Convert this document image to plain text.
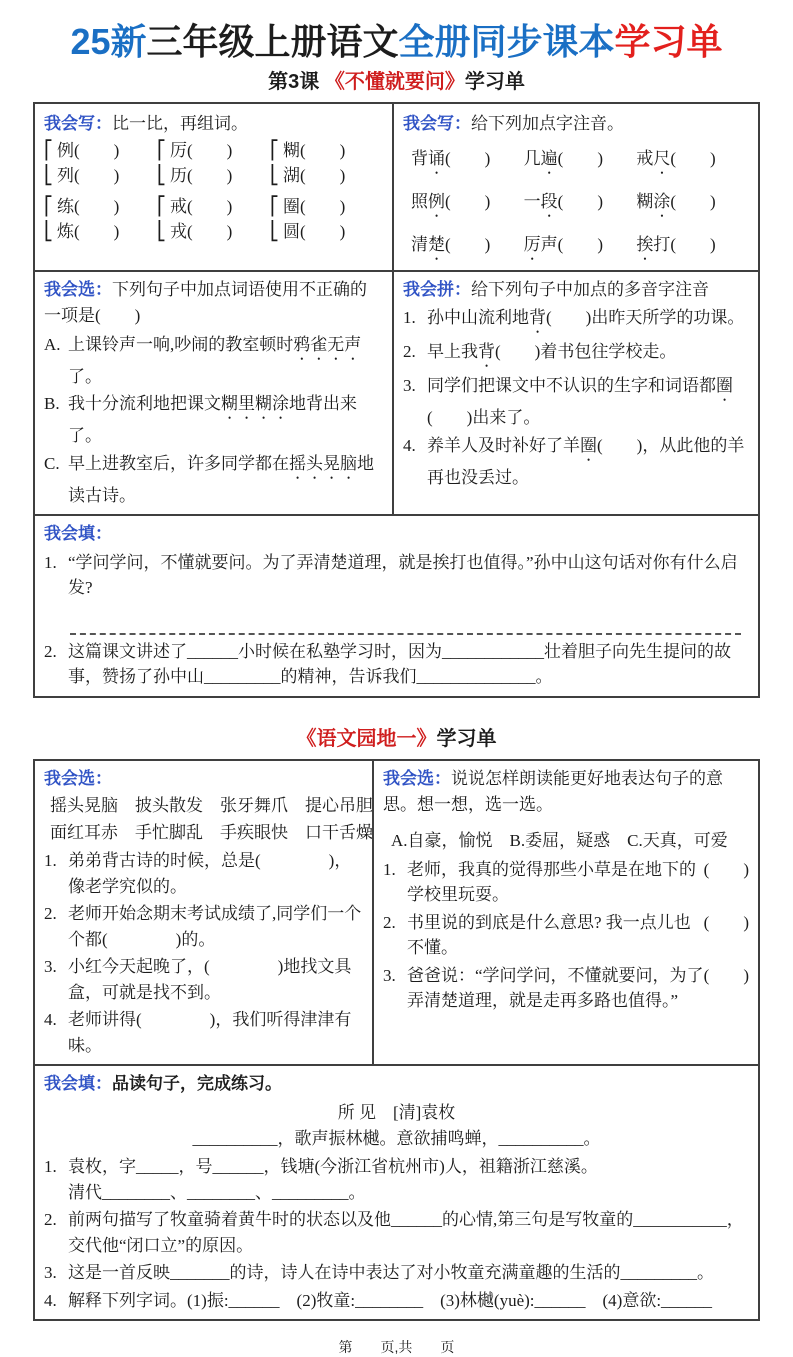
25新三年级上册语文全册同步课本学习单
第3课 《不懂就要问》学习单
我会写：比一比，再组词。
⎡ 例(　　)
⎣ 列(　　)
⎡ 厉(　　)
⎣ 历(　　)
⎡ 糊(　　)
⎣ 湖(　　)
⎡ 练(　　)
⎣ 炼(　　)
⎡ 戒(　　)
⎣ 戎(　　)
⎡ 圈(　　)
⎣ 圆(　　)
我会写：给下列加点字注音。
背诵(　　)	几遍(　　)	戒尺(　　)
照例(　　)	一段(　　)	糊涂(　　)
清楚(　　)	厉声(　　)	挨打(　　)
我会选：下列句子中加点词语使用不正确的一项是(　　)
A. 上课铃声一响,吵闹的教室顿时鸦雀无声了。
B. 我十分流利地把课文糊里糊涂地背出来了。
C. 早上进教室后，许多同学都在摇头晃脑地读古诗。
我会拼：给下列句子中加点的多音字注音
1. 孙中山流利地背(　　)出昨天所学的功课。
2. 早上我背(　　)着书包往学校走。
3. 同学们把课文中不认识的生字和词语都圈(　　)出来了。
4. 养羊人及时补好了羊圈(　　)，从此他的羊再也没丢过。
我会填：
1. “学问学问，不懂就要问。为了弄清楚道理，就是挨打也值得。”孙中山这句话对你有什么启发?
2. 这篇课文讲述了______小时候在私塾学习时，因为____________壮着胆子向先生提问的故事，赞扬了孙中山_________的精神，告诉我们______________。
《语文园地一》学习单
我会选：
摇头晃脑　披头散发　张牙舞爪　提心吊胆
面红耳赤　手忙脚乱　手疾眼快　口干舌燥
1. 弟弟背古诗的时候，总是(　　　　)，像老学究似的。
2. 老师开始念期末考试成绩了,同学们一个个都(　　　　)的。
3. 小红今天起晚了，(　　　　)地找文具盒，可就是找不到。
4. 老师讲得(　　　　)，我们听得津津有味。
我会选：说说怎样朗读能更好地表达句子的意思。想一想，选一选。
A.自豪，愉悦　B.委屈，疑惑　C.天真，可爱
1.	(　　)
老师，我真的觉得那些小草是在地下的学校里玩耍。
2.	(　　)
书里说的到底是什么意思? 我一点儿也不懂。
3.	(　　)
爸爸说：“学问学问，不懂就要问，为了弄清楚道理，就是走再多路也值得。”
我会填：品读句子，完成练习。
所 见　[清]袁枚
__________，歌声振林樾。意欲捕鸣蝉，__________。
1. 袁枚，字_____，号______，钱塘(今浙江省杭州市)人，祖籍浙江慈溪。
清代________、________、_________。
2. 前两句描写了牧童骑着黄牛时的状态以及他______的心情,第三句是写牧童的___________，
交代他“闭口立”的原因。
3. 这是一首反映_______的诗，诗人在诗中表达了对小牧童充满童趣的生活的_________。
4. 解释下列字词。(1)振:______　(2)牧童:________　(3)林樾(yuè):______　(4)意欲:______
第　　页,共　　页
